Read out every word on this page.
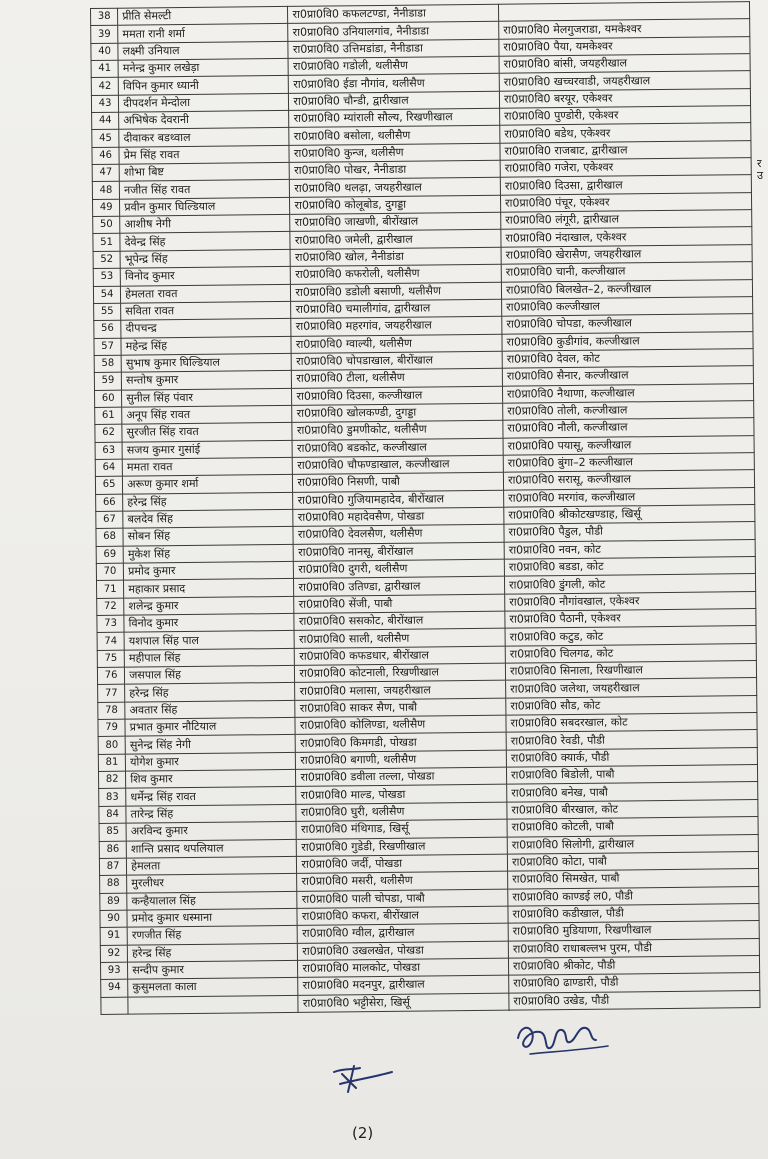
38	प्रीति सेमल्टी	रा0प्रा0वि0 कफलटण्डा, नैनीडाडा	
39	ममता रानी शर्मा	रा0प्रा0वि0 उनियालगांव, नैनीडाडा	रा0प्रा0वि0 मेलगुजराडा, यमकेश्वर
40	लक्ष्मी उनियाल	रा0प्रा0वि0 उत्तिमडांडा, नैनीडाडा	रा0प्रा0वि0 पैया, यमकेश्वर
41	मनेन्द्र कुमार लखेड़ा	रा0प्रा0वि0 गडोली, थलीसैण	रा0प्रा0वि0 बांसी, जयहरीखाल
42	विपिन कुमार ध्यानी	रा0प्रा0वि0 ईडा नौगांव, थलीसैण	रा0प्रा0वि0 खच्चरवाडी, जयहरीखाल
43	दीपदर्शन मेन्दोला	रा0प्रा0वि0 चौन्डी, द्वारीखाल	रा0प्रा0वि0 बरयूर, एकेश्वर
44	अभिषेक देवरानी	रा0प्रा0वि0 म्यांराली सौल्य, रिखणीखाल	रा0प्रा0वि0 पुण्डोरी, एकेश्वर
45	दीवाकर बडथ्वाल	रा0प्रा0वि0 बसोला, थलीसैण	रा0प्रा0वि0 बडेथ, एकेश्वर
46	प्रेम सिंह रावत	रा0प्रा0वि0 कुन्ज, थलीसैण	रा0प्रा0वि0 राजबाट, द्वारीखाल
47	शोभा बिष्ट	रा0प्रा0वि0 पोखर, नैनीडाडा	रा0प्रा0वि0 गजेरा, एकेश्वर
48	नजीत सिंह रावत	रा0प्रा0वि0 थलढ़ा, जयहरीखाल	रा0प्रा0वि0 दिउसा, द्वारीखाल
49	प्रवीन कुमार घिल्डियाल	रा0प्रा0वि0 कोलूबोड, दुगड्डा	रा0प्रा0वि0 पंचूर, एकेश्वर
50	आशीष नेगी	रा0प्रा0वि0 जाखणी, बीरोंखाल	रा0प्रा0वि0 लंगूरी, द्वारीखाल
51	देवेन्द्र सिंह	रा0प्रा0वि0 जमेली, द्वारीखाल	रा0प्रा0वि0 नंदाखाल, एकेश्वर
52	भूपेन्द्र सिंह	रा0प्रा0वि0 खोल, नैनीडांडा	रा0प्रा0वि0 खेरासैण, जयहरीखाल
53	विनोद कुमार	रा0प्रा0वि0 कफरोली, थलीसैण	रा0प्रा0वि0 चानी, कल्जीखाल
54	हेमलता रावत	रा0प्रा0वि0 डडोली बसाणी, थलीसैण	रा0प्रा0वि0 बिलखेत–2, कल्जीखाल
55	सविता रावत	रा0प्रा0वि0 चमालीगांव, द्वारीखाल	रा0प्रा0वि0 कल्जीखाल
56	दीपचन्द्र	रा0प्रा0वि0 महरगांव, जयहरीखाल	रा0प्रा0वि0 चोपडा, कल्जीखाल
57	महेन्द्र सिंह	रा0प्रा0वि0 ग्वाल्यी, थलीसैण	रा0प्रा0वि0 कुडीगांव, कल्जीखाल
58	सुभाष कुमार घिल्डियाल	रा0प्रा0वि0 चोपडाखाल, बीरोंखाल	रा0प्रा0वि0 देवल, कोट
59	सन्तोष कुमार	रा0प्रा0वि0 टीला, थलीसैण	रा0प्रा0वि0 सैनार, कल्जीखाल
60	सुनील सिंह पंवार	रा0प्रा0वि0 दिउसा, कल्जीखाल	रा0प्रा0वि0 नैथाणा, कल्जीखाल
61	अनूप सिंह रावत	रा0प्रा0वि0 खोलकण्डी, दुगड्डा	रा0प्रा0वि0 तोली, कल्जीखाल
62	सुरजीत सिंह रावत	रा0प्रा0वि0 डुमणीकोट, थलीसैण	रा0प्रा0वि0 नौली, कल्जीखाल
63	सजय कुमार गुसांई	रा0प्रा0वि0 बडकोट, कल्जीखाल	रा0प्रा0वि0 पयासू, कल्जीखाल
64	ममता रावत	रा0प्रा0वि0 चौफण्डाखाल, कल्जीखाल	रा0प्रा0वि0 बुंगा–2 कल्जीखाल
65	अरूण कुमार शर्मा	रा0प्रा0वि0 निसणी, पाबौ	रा0प्रा0वि0 सरासू, कल्जीखाल
66	हरेन्द्र सिंह	रा0प्रा0वि0 गुजियामहादेव, बीरोंखाल	रा0प्रा0वि0 मरगांव, कल्जीखाल
67	बलदेव सिंह	रा0प्रा0वि0 महादेवसैण, पोखडा	रा0प्रा0वि0 श्रीकोटखण्डाह, खिर्सू
68	सोबन सिंह	रा0प्रा0वि0 देवलसैण, थलीसैण	रा0प्रा0वि0 पैडुल, पौडी
69	मुकेश सिंह	रा0प्रा0वि0 नानसू, बीरोंखाल	रा0प्रा0वि0 नवन, कोट
70	प्रमोद कुमार	रा0प्रा0वि0 दुगरी, थलीसैण	रा0प्रा0वि0 बडडा, कोट
71	महाकार प्रसाद	रा0प्रा0वि0 उतिण्डा, द्वारीखाल	रा0प्रा0वि0 डुंगली, कोट
72	शलेन्द्र कुमार	रा0प्रा0वि0 सेंजी, पाबौ	रा0प्रा0वि0 नौगांवखाल, एकेश्वर
73	विनोद कुमार	रा0प्रा0वि0 ससकोट, बीरोंखाल	रा0प्रा0वि0 पैठानी, एकेश्वर
74	यशपाल सिंह पाल	रा0प्रा0वि0 साली, थलीसैण	रा0प्रा0वि0 कटुड, कोट
75	महीपाल सिंह	रा0प्रा0वि0 कफडधार, बीरोंखाल	रा0प्रा0वि0 चिलगढ, कोट
76	जसपाल सिंह	रा0प्रा0वि0 कोटनाली, रिखणीखाल	रा0प्रा0वि0 सिनाला, रिखणीखाल
77	हरेन्द्र सिंह	रा0प्रा0वि0 मलासा, जयहरीखाल	रा0प्रा0वि0 जलेथा, जयहरीखाल
78	अवतार सिंह	रा0प्रा0वि0 साकर सैण, पाबौ	रा0प्रा0वि0 सौड, कोट
79	प्रभात कुमार नौटियाल	रा0प्रा0वि0 कोलिण्डा, थलीसैण	रा0प्रा0वि0 सबदरखाल, कोट
80	सुनेन्द्र सिंह नेगी	रा0प्रा0वि0 किमगडी, पोखडा	रा0प्रा0वि0 रेवडी, पौडी
81	योगेश कुमार	रा0प्रा0वि0 बगाणी, थलीसैण	रा0प्रा0वि0 क्यार्क, पौडी
82	शिव कुमार	रा0प्रा0वि0 डवीला तल्ला, पोखडा	रा0प्रा0वि0 बिडोली, पाबौ
83	धर्मेन्द्र सिंह रावत	रा0प्रा0वि0 माल्ड, पोखडा	रा0प्रा0वि0 बनेख, पाबौ
84	तारेन्द्र सिंह	रा0प्रा0वि0 घुरी, थलीसैण	रा0प्रा0वि0 बीरखाल, कोट
85	अरविन्द कुमार	रा0प्रा0वि0 मंथिगाड, खिर्सू	रा0प्रा0वि0 कोटली, पाबौ
86	शान्ति प्रसाद थपलियाल	रा0प्रा0वि0 गुडेडी, रिखणीखाल	रा0प्रा0वि0 सिलोगी, द्वारीखाल
87	हेमलता	रा0प्रा0वि0 जर्दी, पोखडा	रा0प्रा0वि0 कोटा, पाबौ
88	मुरलीधर	रा0प्रा0वि0 मसरी, थलीसैण	रा0प्रा0वि0 सिमखेत, पाबौ
89	कन्हैयालाल सिंह	रा0प्रा0वि0 पाली चोपडा, पाबौ	रा0प्रा0वि0 काण्डई ल0, पौडी
90	प्रमोद कुमार धस्माना	रा0प्रा0वि0 कफरा, बीरोंखाल	रा0प्रा0वि0 कडीखाल, पौडी
91	रणजीत सिंह	रा0प्रा0वि0 ग्वील, द्वारीखाल	रा0प्रा0वि0 मुडियाणा, रिखणीखाल
92	हरेन्द्र सिंह	रा0प्रा0वि0 उखलखेत, पोखडा	रा0प्रा0वि0 राधाबल्लभ पुरम, पौडी
93	सन्दीप कुमार	रा0प्रा0वि0 मालकोट, पोखडा	रा0प्रा0वि0 श्रीकोट, पौडी
94	कुसुमलता काला	रा0प्रा0वि0 मदनपुर, द्वारीखाल	रा0प्रा0वि0 ढाण्डारी, पौडी
		रा0प्रा0वि0 भट्टीसेरा, खिर्सू	रा0प्रा0वि0 उखेड, पौडी
र
उ
(2)
